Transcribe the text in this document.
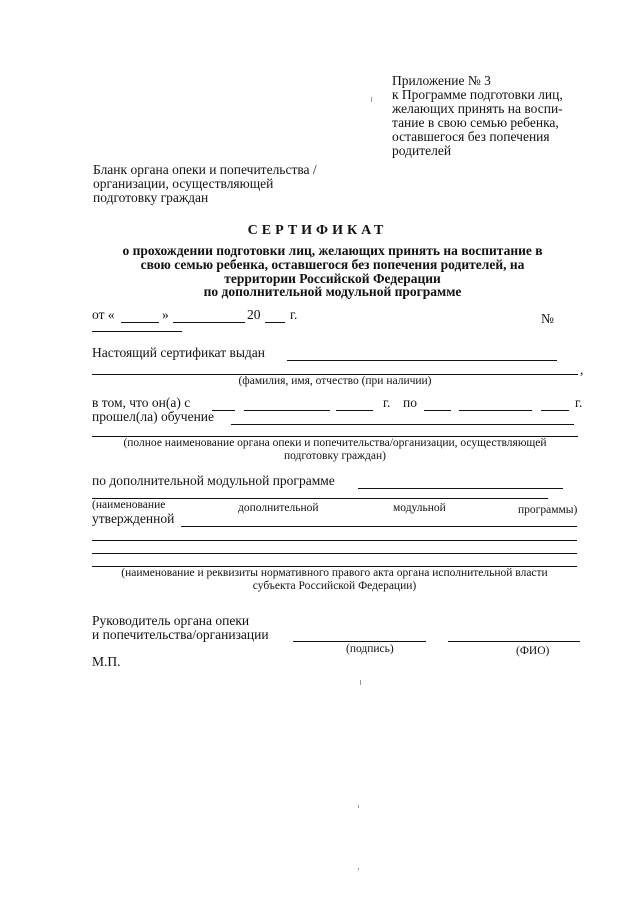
Приложение № 3
к Программе подготовки лиц,
желающих принять на воспи-
тание в свою семью ребенка,
оставшегося без попечения
родителей
Бланк органа опеки и попечительства /
организации, осуществляющей
подготовку граждан
СЕРТИФИКАТ
о прохождении подготовки лиц, желающих принять на воспитание в
свою семью ребенка, оставшегося без попечения родителей, на
территории Российской Федерации
по дополнительной модульной программе
от «	»	20 г.	№
Настоящий сертификат выдан
,
(фамилия, имя, отчество (при наличии)
в том, что он(а) с	г. по	г.
прошел(ла) обучение
(полное наименование органа опеки и попечительства/организации, осуществляющей
подготовку граждан)
по дополнительной модульной программе
(наименование	дополнительной	модульной	программы)
утвержденной
(наименование и реквизиты нормативного правого акта органа исполнительной власти
субъекта Российской Федерации)
Руководитель органа опеки
и попечительства/организации
(подпись)	(ФИО)
М.П.
